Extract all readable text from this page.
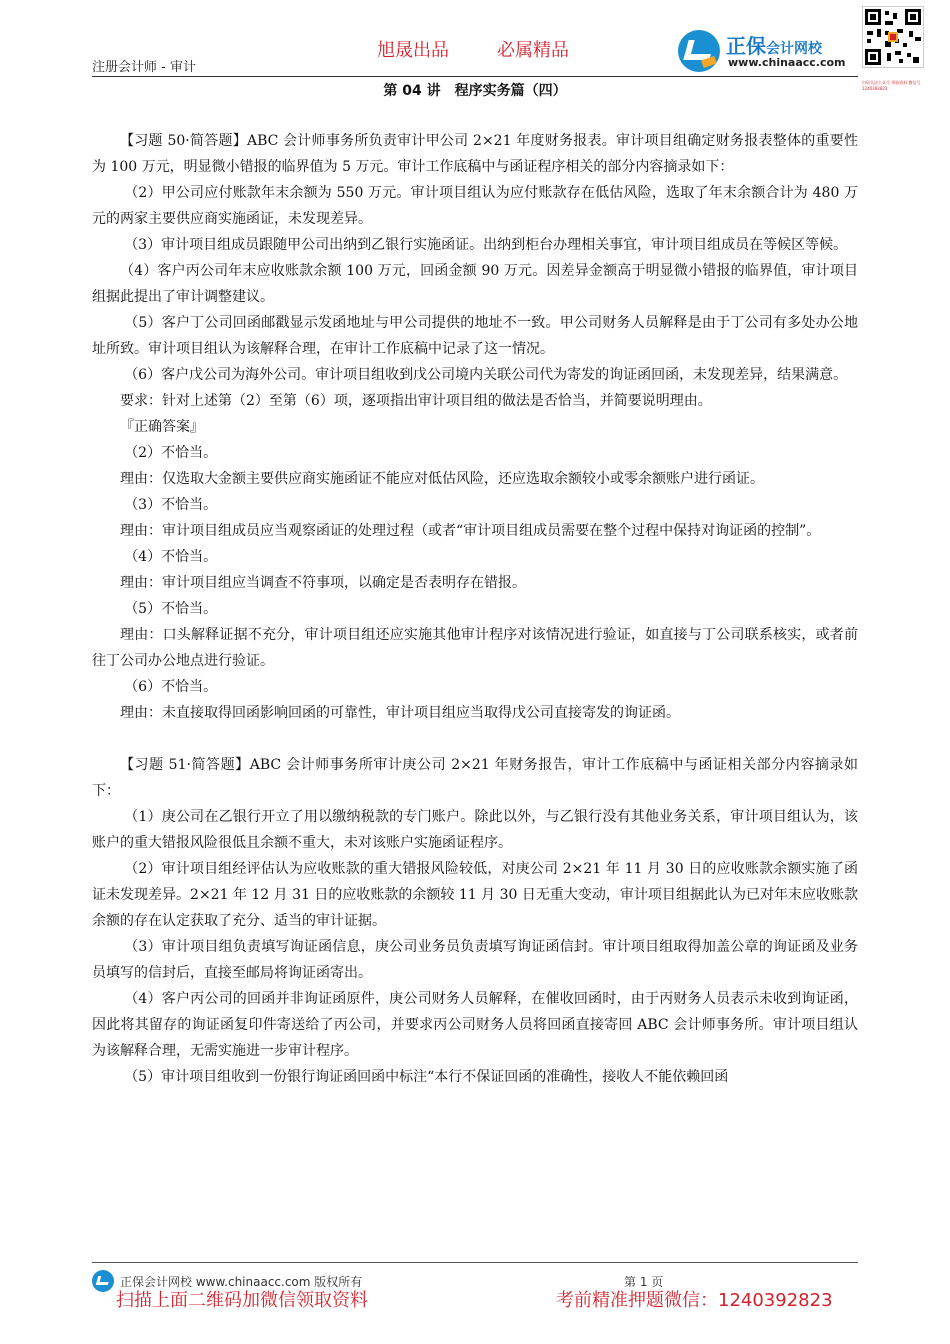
注册会计师 - 审计
旭晟出品	必属精品	正保会计网校
www.chinaacc.com
扫码关注公众号 领取资料 微信号 1240392823
第 04 讲　程序实务篇（四）

【习题 50·简答题】ABC 会计师事务所负责审计甲公司 2×21 年度财务报表。审计项目组确定财务报表整体的重要性为 100 万元，明显微小错报的临界值为 5 万元。审计工作底稿中与函证程序相关的部分内容摘录如下：

（2）甲公司应付账款年末余额为 550 万元。审计项目组认为应付账款存在低估风险，选取了年末余额合计为 480 万元的两家主要供应商实施函证，未发现差异。

（3）审计项目组成员跟随甲公司出纳到乙银行实施函证。出纳到柜台办理相关事宜，审计项目组成员在等候区等候。

（4）客户丙公司年末应收账款余额 100 万元，回函金额 90 万元。因差异金额高于明显微小错报的临界值，审计项目组据此提出了审计调整建议。

（5）客户丁公司回函邮戳显示发函地址与甲公司提供的地址不一致。甲公司财务人员解释是由于丁公司有多处办公地址所致。审计项目组认为该解释合理，在审计工作底稿中记录了这一情况。

（6）客户戊公司为海外公司。审计项目组收到戊公司境内关联公司代为寄发的询证函回函，未发现差异，结果满意。

要求：针对上述第（2）至第（6）项，逐项指出审计项目组的做法是否恰当，并简要说明理由。

『正确答案』

（2）不恰当。

理由：仅选取大金额主要供应商实施函证不能应对低估风险，还应选取余额较小或零余额账户进行函证。

（3）不恰当。

理由：审计项目组成员应当观察函证的处理过程（或者“审计项目组成员需要在整个过程中保持对询证函的控制”。

（4）不恰当。

理由：审计项目组应当调查不符事项，以确定是否表明存在错报。

（5）不恰当。

理由：口头解释证据不充分，审计项目组还应实施其他审计程序对该情况进行验证，如直接与丁公司联系核实，或者前往丁公司办公地点进行验证。

（6）不恰当。

理由：未直接取得回函影响回函的可靠性，审计项目组应当取得戊公司直接寄发的询证函。

【习题 51·简答题】ABC 会计师事务所审计庚公司 2×21 年财务报告，审计工作底稿中与函证相关部分内容摘录如下：

（1）庚公司在乙银行开立了用以缴纳税款的专门账户。除此以外，与乙银行没有其他业务关系，审计项目组认为，该账户的重大错报风险很低且余额不重大，未对该账户实施函证程序。

（2）审计项目组经评估认为应收账款的重大错报风险较低，对庚公司 2×21 年 11 月 30 日的应收账款余额实施了函证未发现差异。2×21 年 12 月 31 日的应收账款的余额较 11 月 30 日无重大变动，审计项目组据此认为已对年末应收账款余额的存在认定获取了充分、适当的审计证据。

（3）审计项目组负责填写询证函信息，庚公司业务员负责填写询证函信封。审计项目组取得加盖公章的询证函及业务员填写的信封后，直接至邮局将询证函寄出。

（4）客户丙公司的回函并非询证函原件，庚公司财务人员解释，在催收回函时，由于丙财务人员表示未收到询证函，因此将其留存的询证函复印件寄送给了丙公司，并要求丙公司财务人员将回函直接寄回 ABC 会计师事务所。审计项目组认为该解释合理，无需实施进一步审计程序。

（5）审计项目组收到一份银行询证函回函中标注“本行不保证回函的准确性，接收人不能依赖回函

正保会计网校 www.chinaacc.com 版权所有	第 1 页
扫描上面二维码加微信领取资料	考前精准押题微信：1240392823
